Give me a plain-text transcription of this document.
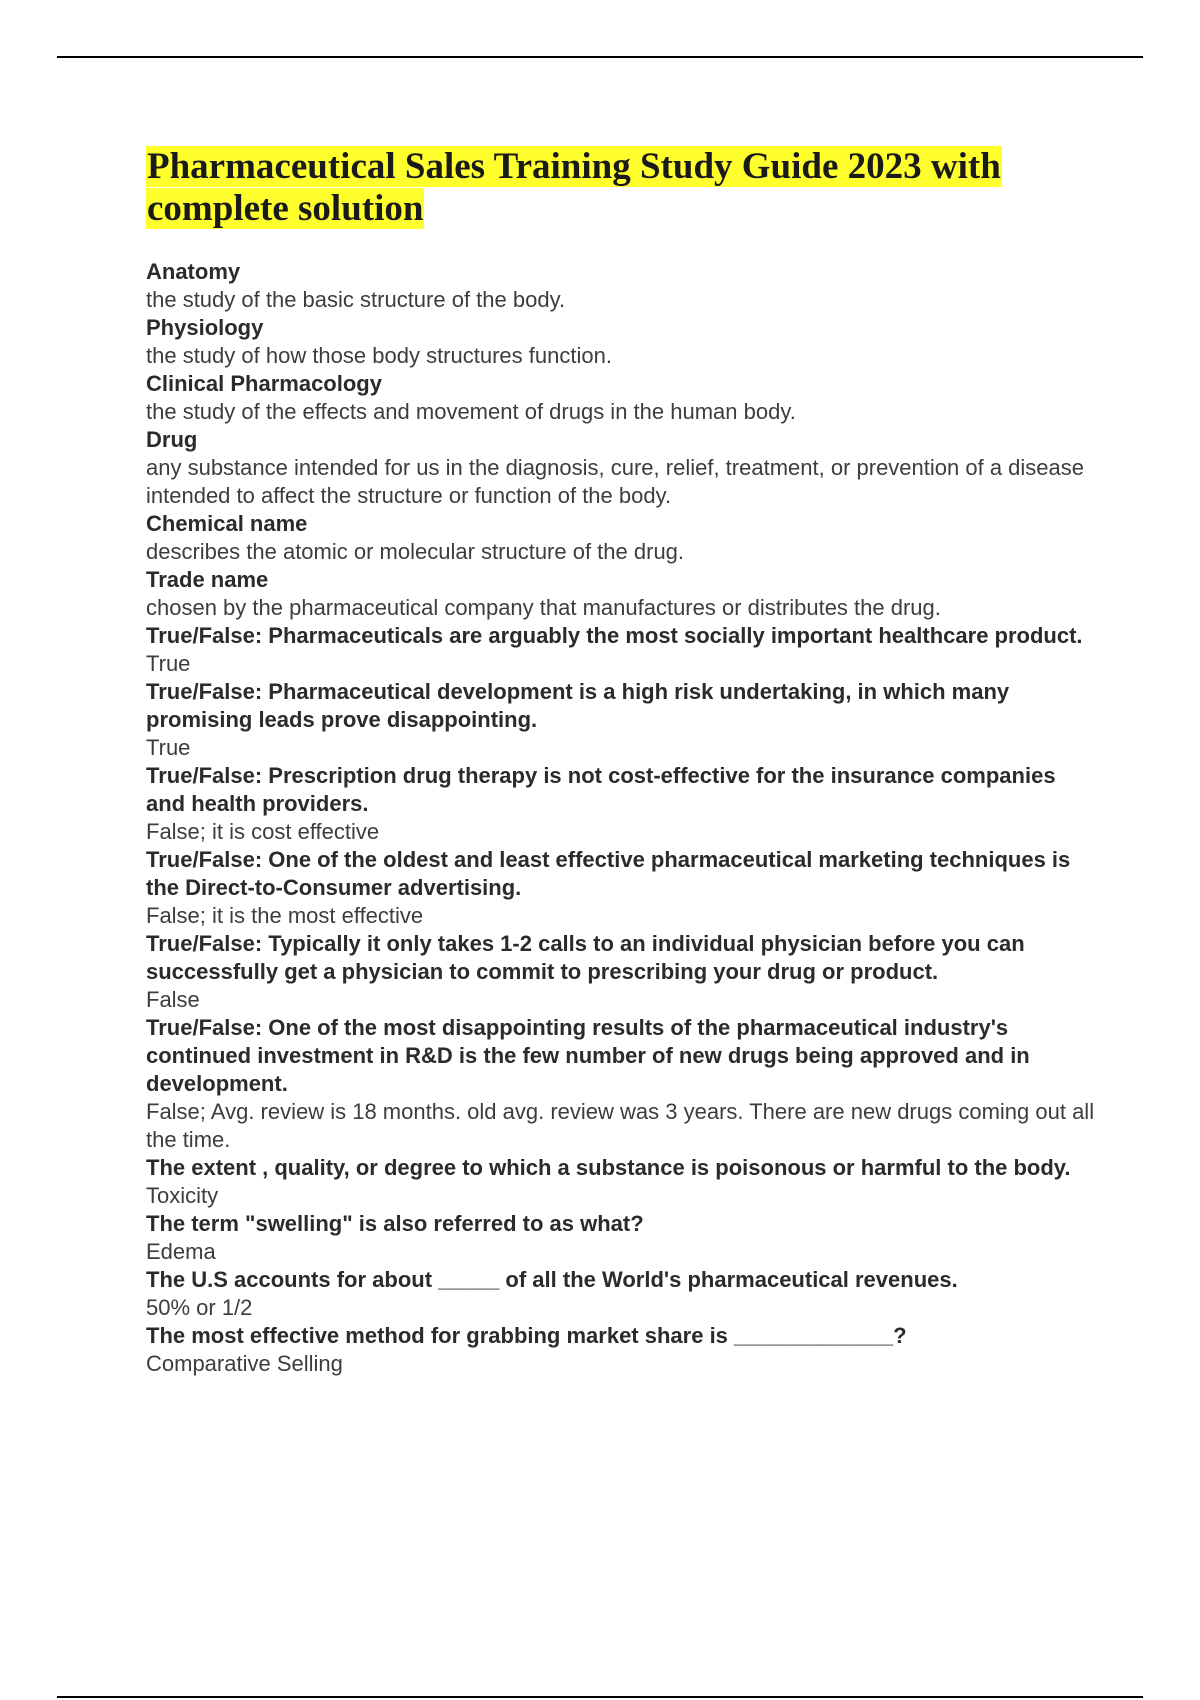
Pharmaceutical Sales Training Study Guide 2023 with complete solution
Anatomy
the study of the basic structure of the body.
Physiology
the study of how those body structures function.
Clinical Pharmacology
the study of the effects and movement of drugs in the human body.
Drug
any substance intended for us in the diagnosis, cure, relief, treatment, or prevention of a disease intended to affect the structure or function of the body.
Chemical name
describes the atomic or molecular structure of the drug.
Trade name
chosen by the pharmaceutical company that manufactures or distributes the drug.
True/False: Pharmaceuticals are arguably the most socially important healthcare product.
True
True/False: Pharmaceutical development is a high risk undertaking, in which many promising leads prove disappointing.
True
True/False: Prescription drug therapy is not cost-effective for the insurance companies and health providers.
False; it is cost effective
True/False: One of the oldest and least effective pharmaceutical marketing techniques is the Direct-to-Consumer advertising.
False; it is the most effective
True/False: Typically it only takes 1-2 calls to an individual physician before you can successfully get a physician to commit to prescribing your drug or product.
False
True/False: One of the most disappointing results of the pharmaceutical industry's continued investment in R&D is the few number of new drugs being approved and in development.
False; Avg. review is 18 months. old avg. review was 3 years. There are new drugs coming out all the time.
The extent , quality, or degree to which a substance is poisonous or harmful to the body.
Toxicity
The term "swelling" is also referred to as what?
Edema
The U.S accounts for about _____ of all the World's pharmaceutical revenues.
50% or 1/2
The most effective method for grabbing market share is _____________?
Comparative Selling
